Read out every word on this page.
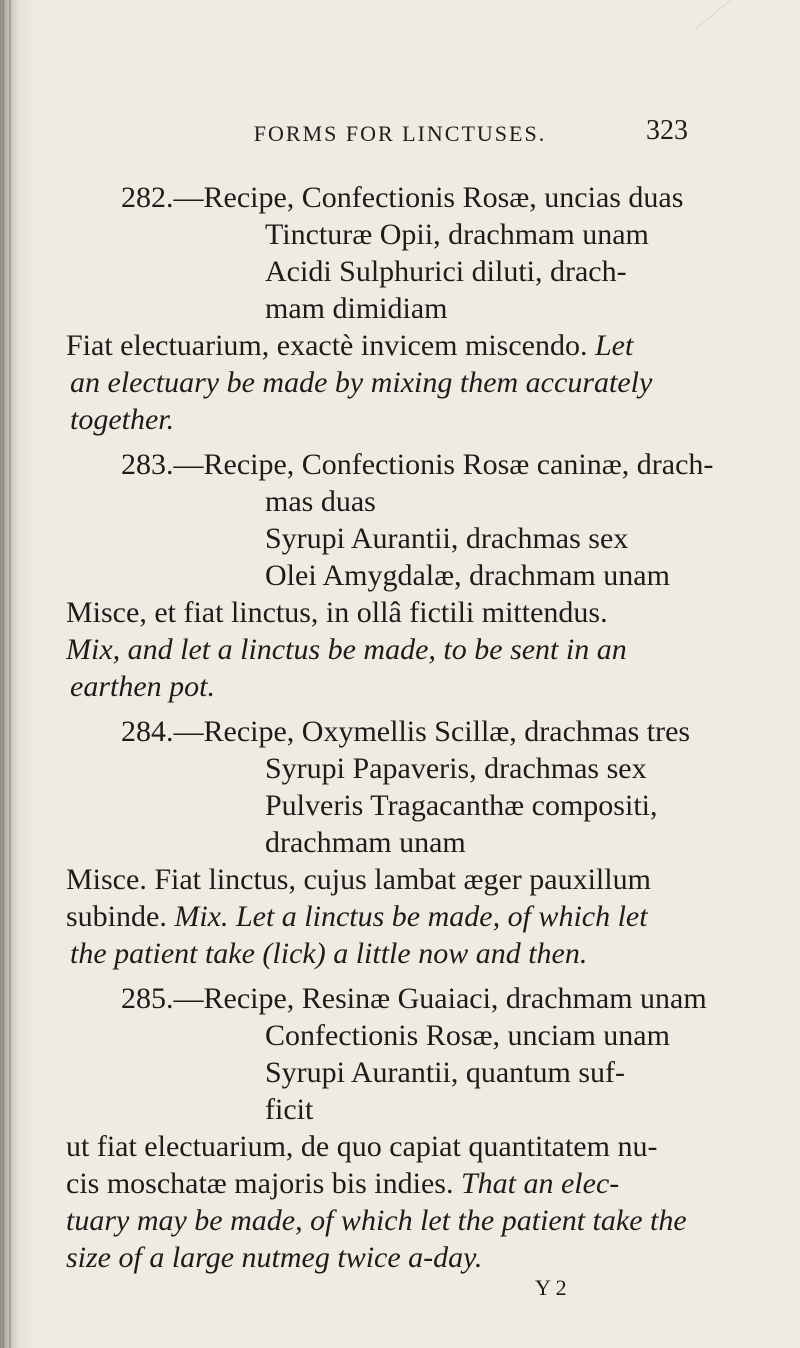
FORMS FOR LINCTUSES.	323
282.—Recipe, Confectionis Rosæ, uncias duas
Tincturæ Opii, drachmam unam
Acidi Sulphurici diluti, drach-
mam dimidiam
Fiat electuarium, exactè invicem miscendo. Let
an electuary be made by mixing them accurately
together.
283.—Recipe, Confectionis Rosæ caninæ, drach-
mas duas
Syrupi Aurantii, drachmas sex
Olei Amygdalæ, drachmam unam
Misce, et fiat linctus, in ollâ fictili mittendus.
Mix, and let a linctus be made, to be sent in an
earthen pot.
284.—Recipe, Oxymellis Scillæ, drachmas tres
Syrupi Papaveris, drachmas sex
Pulveris Tragacanthæ compositi,
drachmam unam
Misce. Fiat linctus, cujus lambat æger pauxillum
subinde. Mix. Let a linctus be made, of which let
the patient take (lick) a little now and then.
285.—Recipe, Resinæ Guaiaci, drachmam unam
Confectionis Rosæ, unciam unam
Syrupi Aurantii, quantum suf-
ficit
ut fiat electuarium, de quo capiat quantitatem nu-
cis moschatæ majoris bis indies. That an elec-
tuary may be made, of which let the patient take the
size of a large nutmeg twice a-day.
Y 2
